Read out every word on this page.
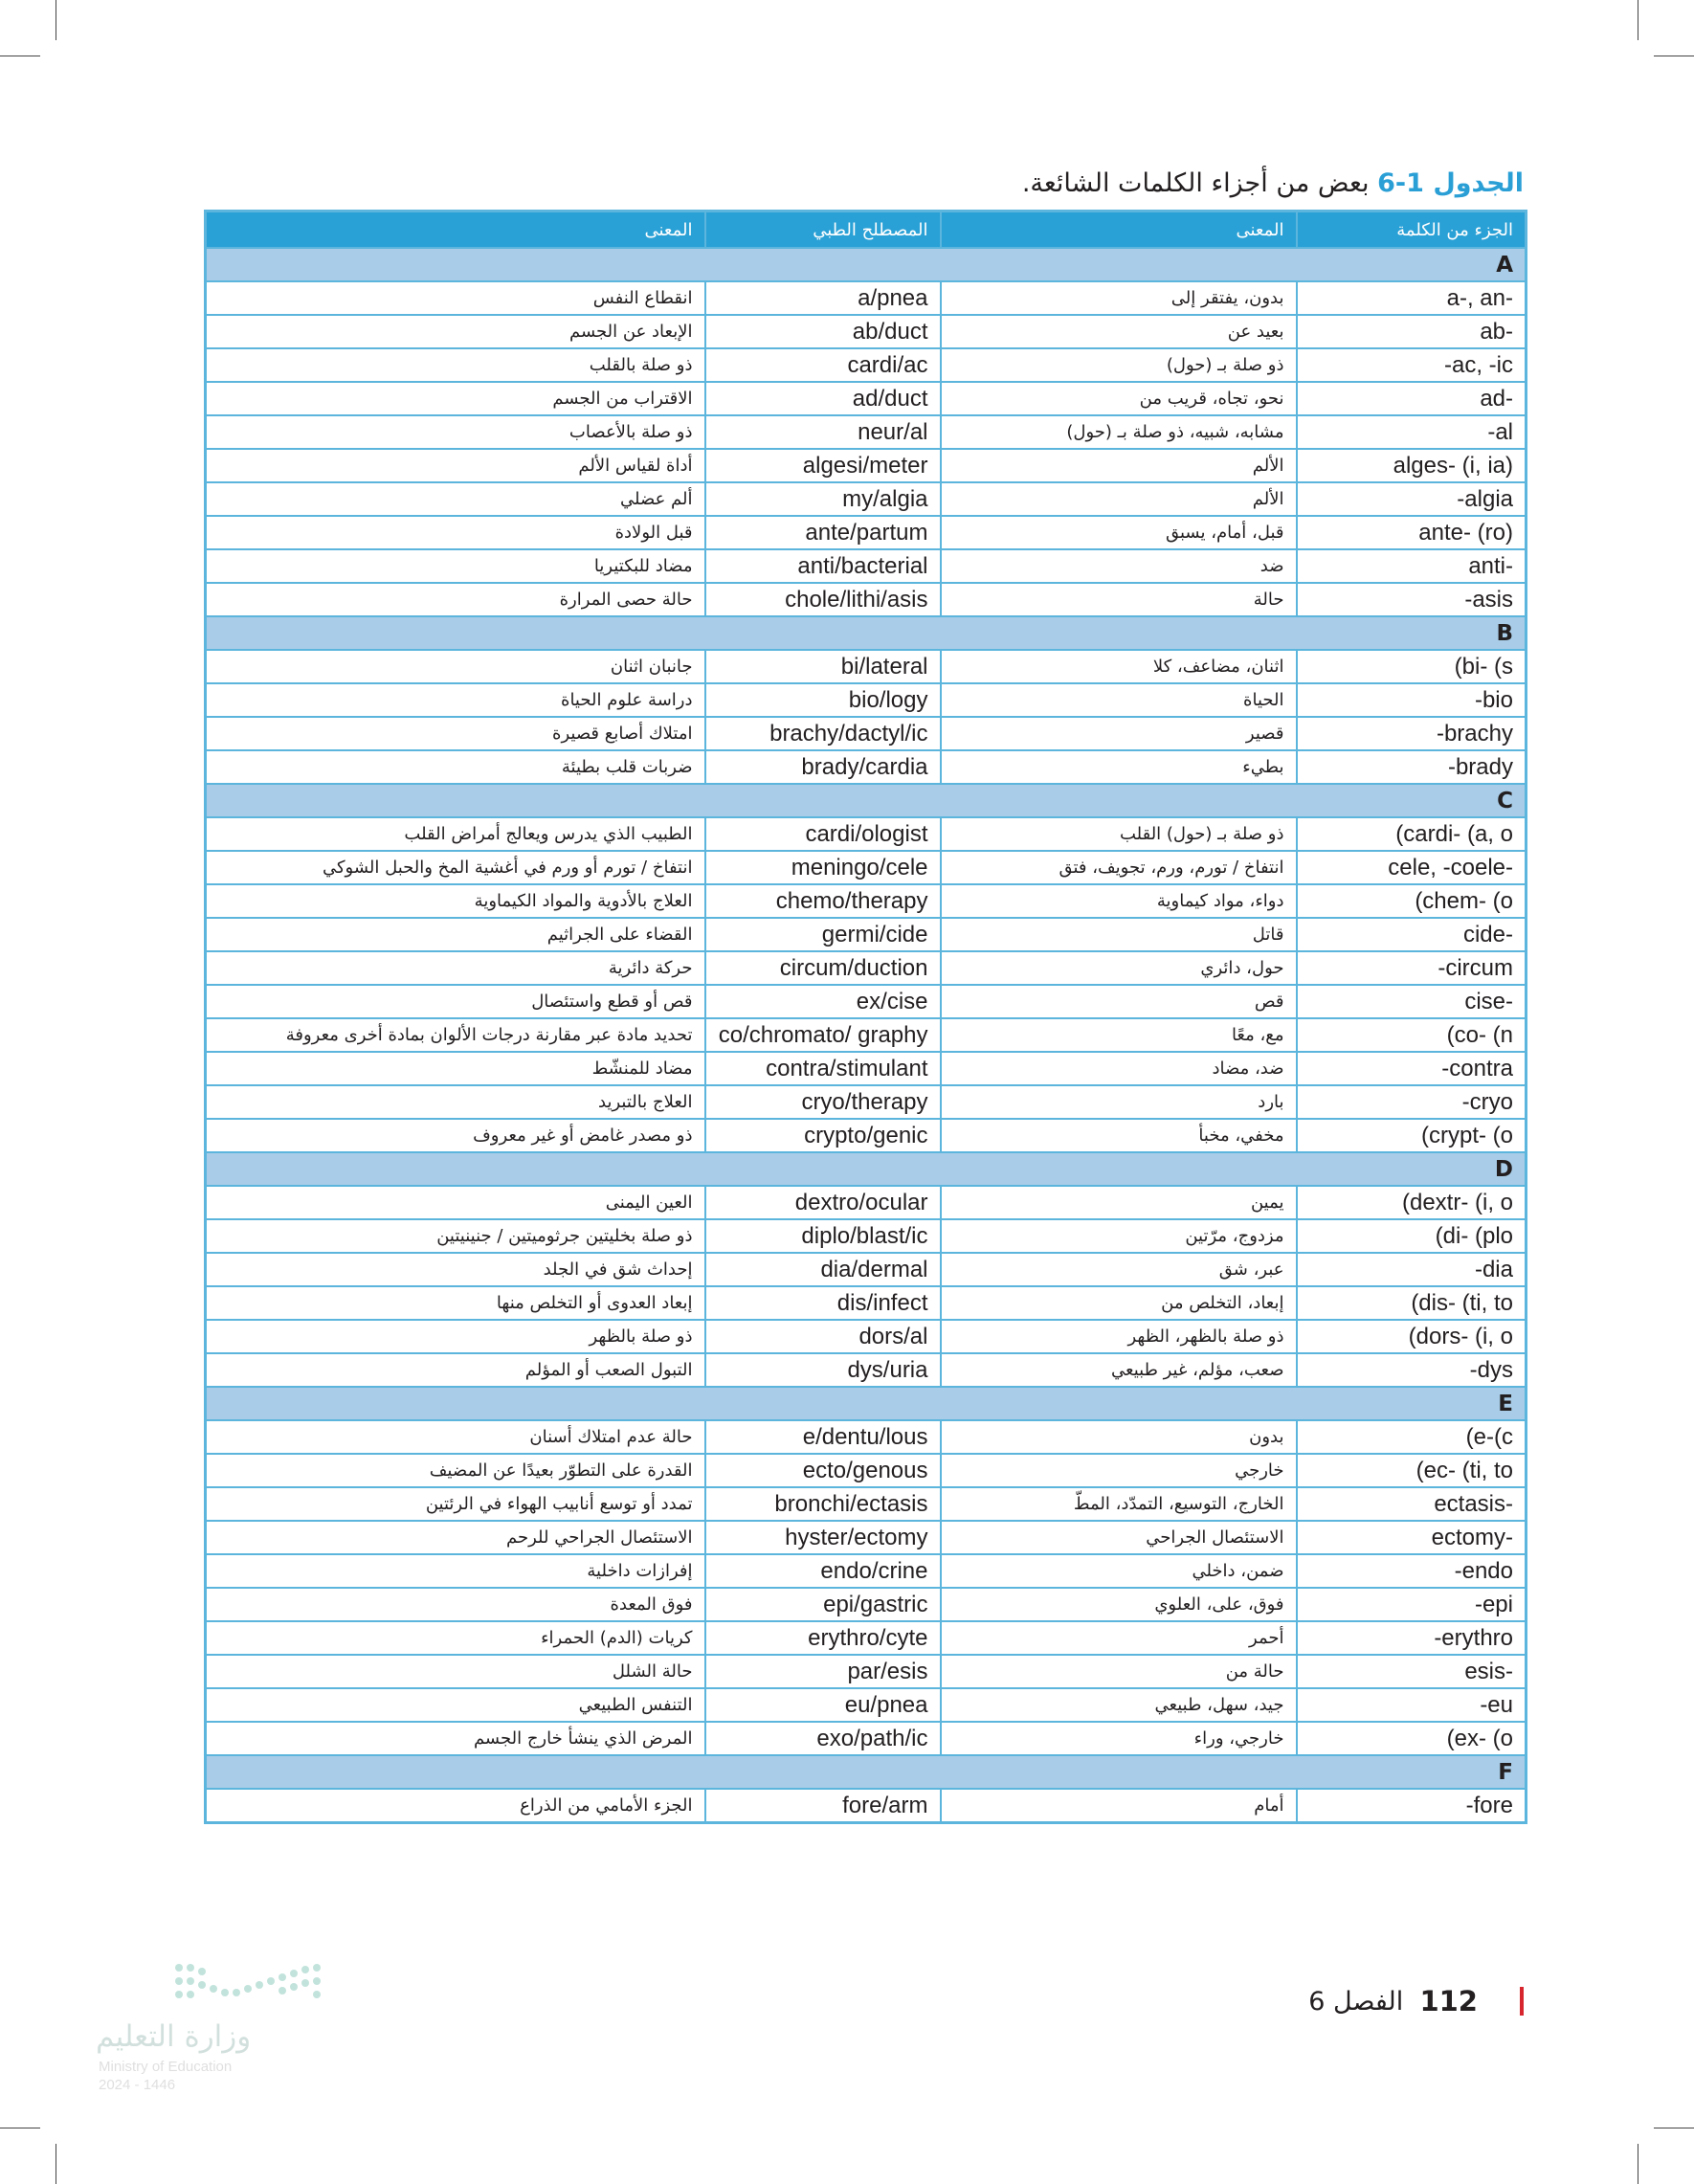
الجدول 1-6 بعض من أجزاء الكلمات الشائعة.
المعنى	المصطلح الطبي	المعنى	الجزء من الكلمة
A			
انقطاع النفس	a/pnea	بدون، يفتقر إلى	a-, an-
الإبعاد عن الجسم	ab/duct	بعيد عن	ab-
ذو صلة بالقلب	cardi/ac	ذو صلة بـ (حول)	-ac, -ic
الاقتراب من الجسم	ad/duct	نحو، تجاه، قريب من	ad-
ذو صلة بالأعصاب	neur/al	مشابه، شبيه، ذو صلة بـ (حول)	-al
أداة لقياس الألم	algesi/meter	الألم	alges- (i, ia)
ألم عضلي	my/algia	الألم	-algia
قبل الولادة	ante/partum	قبل، أمام، يسبق	ante- (ro)
مضاد للبكتيريا	anti/bacterial	ضد	anti-
حالة حصى المرارة	chole/lithi/asis	حالة	-asis
B			
جانبان اثنان	bi/lateral	اثنان، مضاعف، كلا	(bi- (s
دراسة علوم الحياة	bio/logy	الحياة	-bio
امتلاك أصابع قصيرة	brachy/dactyl/ic	قصير	-brachy
ضربات قلب بطيئة	brady/cardia	بطيء	-brady
C			
الطبيب الذي يدرس ويعالج أمراض القلب	cardi/ologist	ذو صلة بـ (حول) القلب	(cardi- (a, o
انتفاخ / تورم أو ورم في أغشية المخ والحبل الشوكي	meningo/cele	انتفاخ / تورم، ورم، تجويف، فتق	cele, -coele-
العلاج بالأدوية والمواد الكيماوية	chemo/therapy	دواء، مواد كيماوية	(chem- (o
القضاء على الجراثيم	germi/cide	قاتل	cide-
حركة دائرية	circum/duction	حول، دائري	-circum
قص أو قطع واستئصال	ex/cise	قص	cise-
تحديد مادة عبر مقارنة درجات الألوان بمادة أخرى معروفة	co/chromato/ graphy	مع، معًا	(co- (n
مضاد للمنشّط	contra/stimulant	ضد، مضاد	-contra
العلاج بالتبريد	cryo/therapy	بارد	-cryo
ذو مصدر غامض أو غير معروف	crypto/genic	مخفي، مخبأ	(crypt- (o
D			
العين اليمنى	dextro/ocular	يمين	(dextr- (i, o
ذو صلة بخليتين جرثوميتين / جنينيتين	diplo/blast/ic	مزدوج، مرّتين	(di- (plo
إحداث شق في الجلد	dia/dermal	عبر، شق	-dia
إبعاد العدوى أو التخلص منها	dis/infect	إبعاد، التخلص من	(dis- (ti, to
ذو صلة بالظهر	dors/al	ذو صلة بالظهر، الظهر	(dors- (i, o
التبول الصعب أو المؤلم	dys/uria	صعب، مؤلم، غير طبيعي	-dys
E			
حالة عدم امتلاك أسنان	e/dentu/lous	بدون	(e-(c
القدرة على التطوّر بعيدًا عن المضيف	ecto/genous	خارجي	(ec- (ti, to
تمدد أو توسع أنابيب الهواء في الرئتين	bronchi/ectasis	الخارج، التوسيع، التمدّد، المطّ	ectasis-
الاستئصال الجراحي للرحم	hyster/ectomy	الاستئصال الجراحي	ectomy-
إفرازات داخلية	endo/crine	ضمن، داخلي	-endo
فوق المعدة	epi/gastric	فوق، على، العلوي	-epi
كريات (الدم) الحمراء	erythro/cyte	أحمر	-erythro
حالة الشلل	par/esis	حالة من	esis-
التنفس الطبيعي	eu/pnea	جيد، سهل، طبيعي	-eu
المرض الذي ينشأ خارج الجسم	exo/path/ic	خارجي، وراء	(ex- (o
F			
الجزء الأمامي من الذراع	fore/arm	أمام	-fore
112

الفصل 6
وزارة التعليم
Ministry of Education
2024 - 1446
